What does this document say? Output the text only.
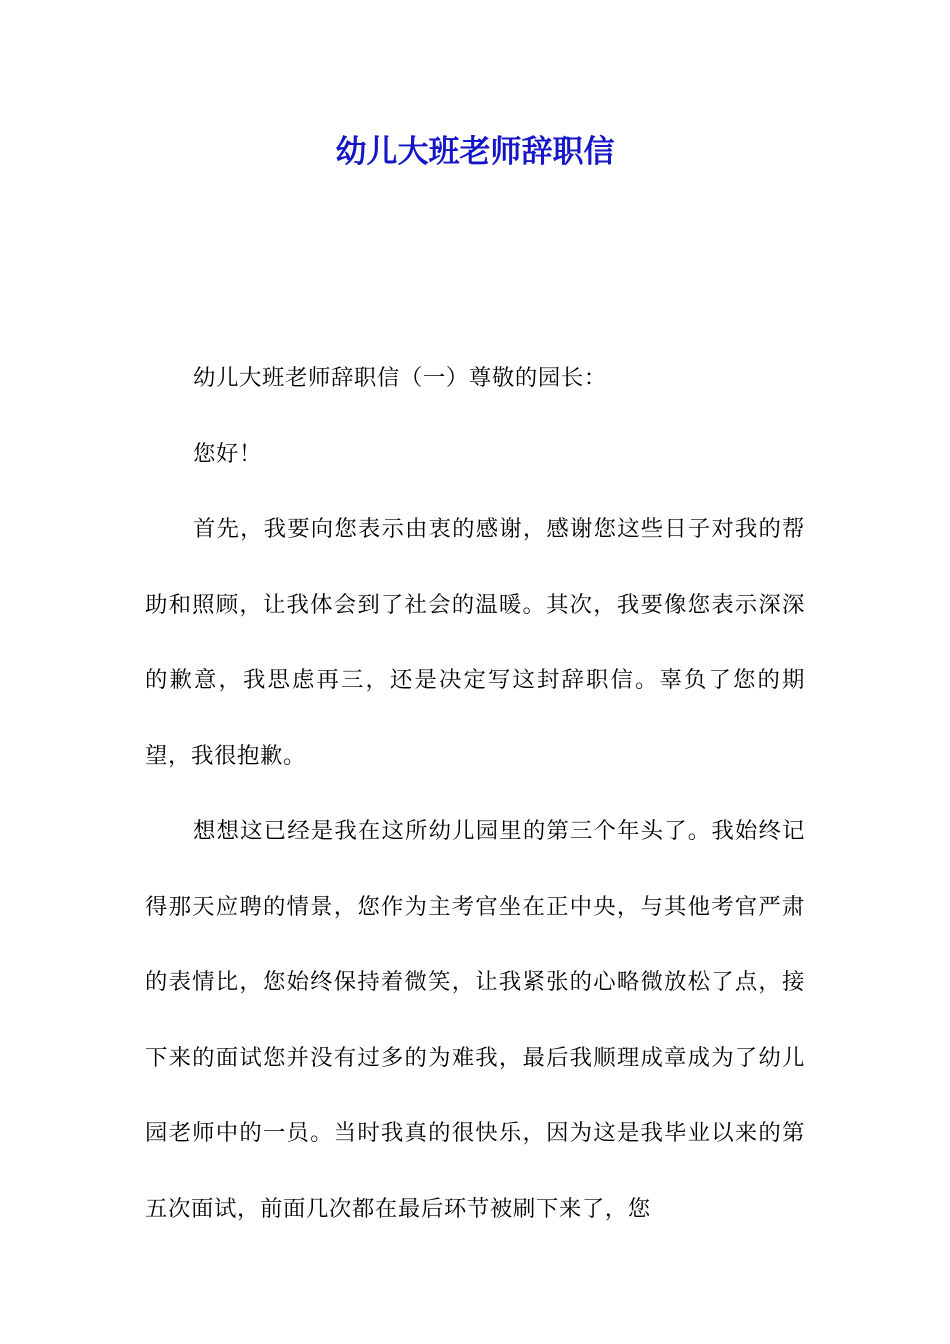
幼儿大班老师辞职信

幼儿大班老师辞职信（一）尊敬的园长：

您好！

首先，我要向您表示由衷的感谢，感谢您这些日子对我的帮助和照顾，让我体会到了社会的温暖。其次，我要像您表示深深的歉意，我思虑再三，还是决定写这封辞职信。辜负了您的期望，我很抱歉。

想想这已经是我在这所幼儿园里的第三个年头了。我始终记得那天应聘的情景，您作为主考官坐在正中央，与其他考官严肃的表情比，您始终保持着微笑，让我紧张的心略微放松了点，接下来的面试您并没有过多的为难我，最后我顺理成章成为了幼儿园老师中的一员。当时我真的很快乐，因为这是我毕业以来的第五次面试，前面几次都在最后环节被刷下来了，您
